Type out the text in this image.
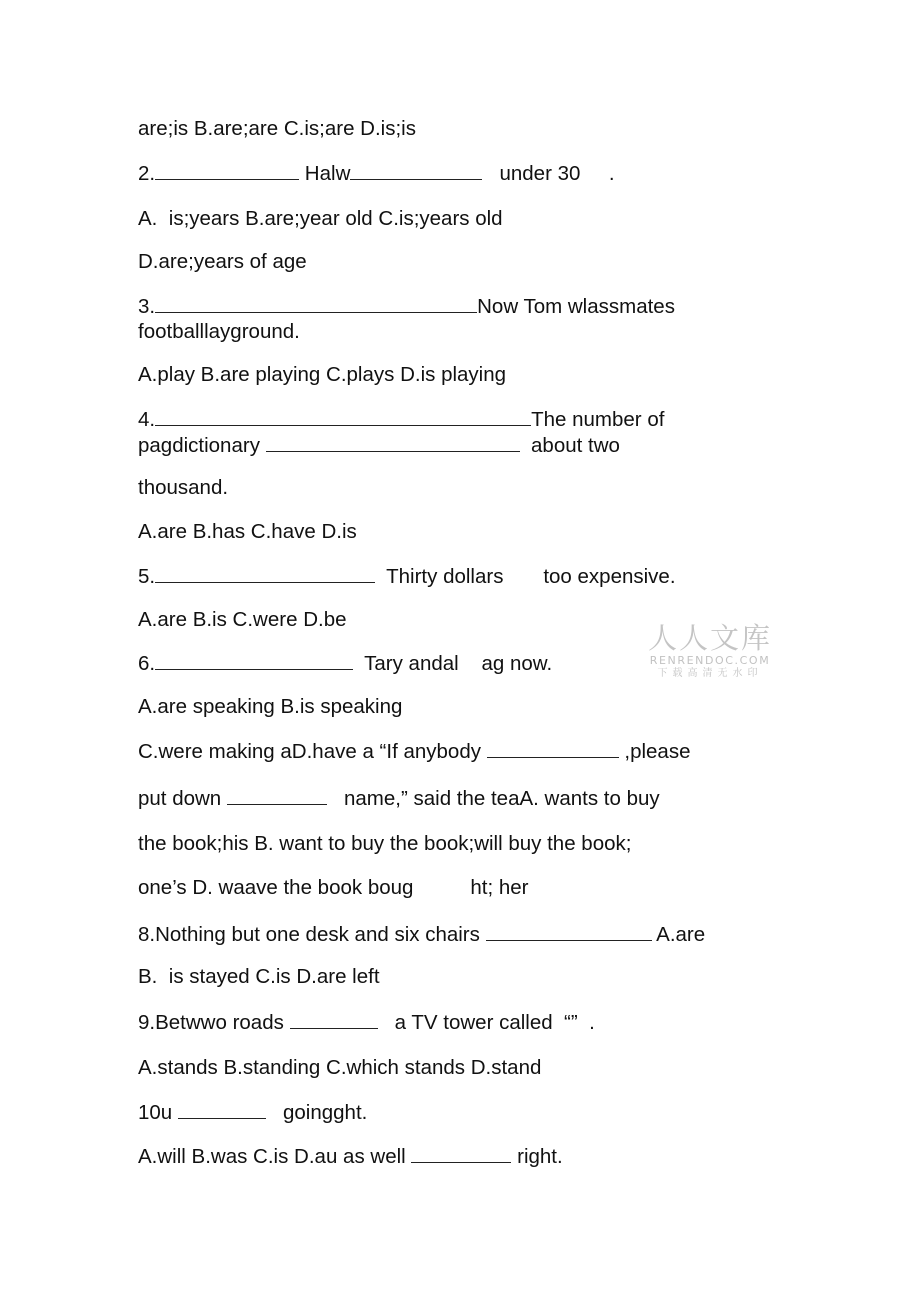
are;is B.are;are C.is;are D.is;is
2.	Halw	under 30     .
A.  is;years B.are;year old C.is;years old
D.are;years of age
3.	Now Tom wlassmates
footballlayground.
A.play B.are playing C.plays D.is playing
4.	The number of
pagdictionary	about two
thousand.
A.are B.has C.have D.is
5.	Thirty dollars       too expensive.
A.are B.is C.were D.be
6.	Tary andal    ag now.
A.are speaking B.is speaking
C.were making aD.have a “If anybody	,please
put down	name,” said the teaA. wants to buy
the book;his B. want to buy the book;will buy the book;
one’s D. waave the book boug          ht; her
8.Nothing but one desk and six chairs	A.are
B.  is stayed C.is D.are left
9.Betwwo roads	a TV tower called  “”  .
A.stands B.standing C.which stands D.stand
10u	goingght.
A.will B.was C.is D.au as well	right.
人人文库
RENRENDOC.COM
下载高清无水印
